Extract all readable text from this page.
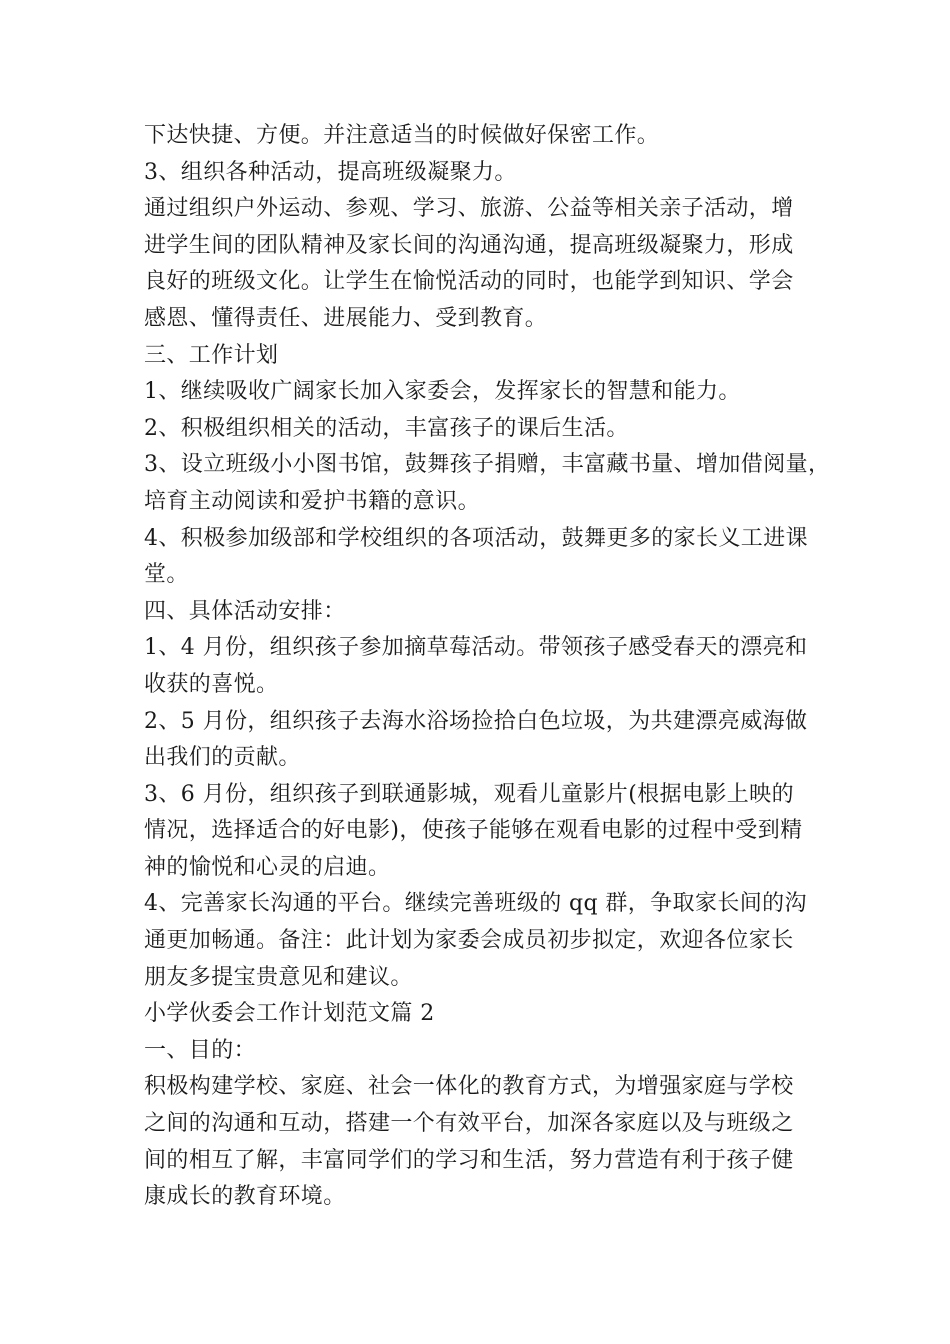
下达快捷、方便。并注意适当的时候做好保密工作。
3、组织各种活动，提高班级凝聚力。
通过组织户外运动、参观、学习、旅游、公益等相关亲子活动，增
进学生间的团队精神及家长间的沟通沟通，提高班级凝聚力，形成
良好的班级文化。让学生在愉悦活动的同时，也能学到知识、学会
感恩、懂得责任、进展能力、受到教育。
三、工作计划
1、继续吸收广阔家长加入家委会，发挥家长的智慧和能力。
2、积极组织相关的活动，丰富孩子的课后生活。
3、设立班级小小图书馆，鼓舞孩子捐赠，丰富藏书量、增加借阅量，
培育主动阅读和爱护书籍的意识。
4、积极参加级部和学校组织的各项活动，鼓舞更多的家长义工进课
堂。
四、具体活动安排：
1、4 月份，组织孩子参加摘草莓活动。带领孩子感受春天的漂亮和
收获的喜悦。
2、5 月份，组织孩子去海水浴场捡拾白色垃圾，为共建漂亮威海做
出我们的贡献。
3、6 月份，组织孩子到联通影城，观看儿童影片(根据电影上映的
情况，选择适合的好电影)，使孩子能够在观看电影的过程中受到精
神的愉悦和心灵的启迪。
4、完善家长沟通的平台。继续完善班级的 qq 群，争取家长间的沟
通更加畅通。备注：此计划为家委会成员初步拟定，欢迎各位家长
朋友多提宝贵意见和建议。
小学伙委会工作计划范文篇 2
一、目的：
积极构建学校、家庭、社会一体化的教育方式，为增强家庭与学校
之间的沟通和互动，搭建一个有效平台，加深各家庭以及与班级之
间的相互了解，丰富同学们的学习和生活，努力营造有利于孩子健
康成长的教育环境。
